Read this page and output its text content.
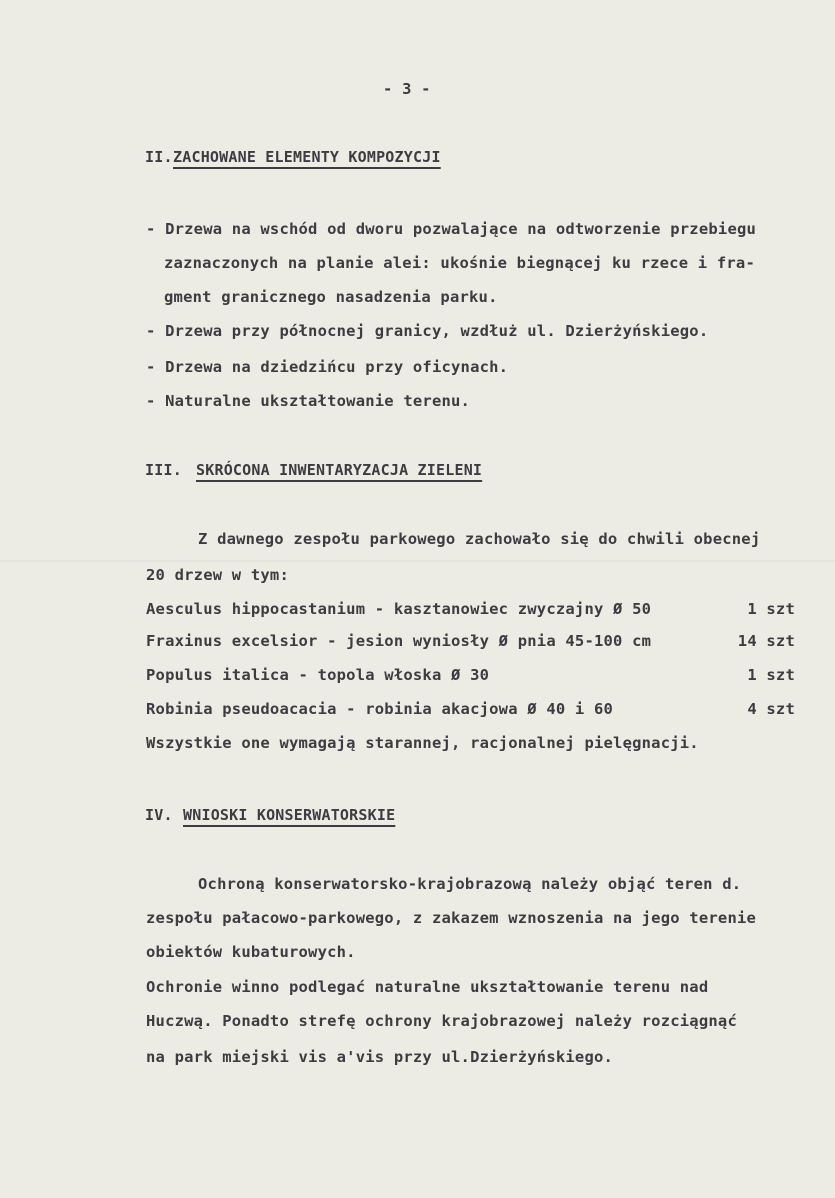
- 3 -
II. ZACHOWANE ELEMENTY KOMPOZYCJI
- Drzewa na wschód od dworu pozwalające na odtworzenie przebiegu
zaznaczonych na planie alei: ukośnie biegnącej ku rzece i fra-
gment granicznego nasadzenia parku.
- Drzewa przy północnej granicy, wzdłuż ul. Dzierżyńskiego.
- Drzewa na dziedzińcu przy oficynach.
- Naturalne ukształtowanie terenu.
III. SKRÓCONA INWENTARYZACJA ZIELENI
Z dawnego zespołu parkowego zachowało się do chwili obecnej
20 drzew w tym:
Aesculus hippocastanium - kasztanowiec zwyczajny Ø 50	1 szt
Fraxinus excelsior - jesion wyniosły Ø pnia 45-100 cm	14 szt
Populus italica - topola włoska Ø 30	1 szt
Robinia pseudoacacia - robinia akacjowa Ø 40 i 60	4 szt
Wszystkie one wymagają starannej, racjonalnej pielęgnacji.
IV. WNIOSKI KONSERWATORSKIE
Ochroną konserwatorsko-krajobrazową należy objąć teren d.
zespołu pałacowo-parkowego, z zakazem wznoszenia na jego terenie
obiektów kubaturowych.
Ochronie winno podlegać naturalne ukształtowanie terenu nad
Huczwą. Ponadto strefę ochrony krajobrazowej należy rozciągnąć
na park miejski vis a'vis przy ul.Dzierżyńskiego.
